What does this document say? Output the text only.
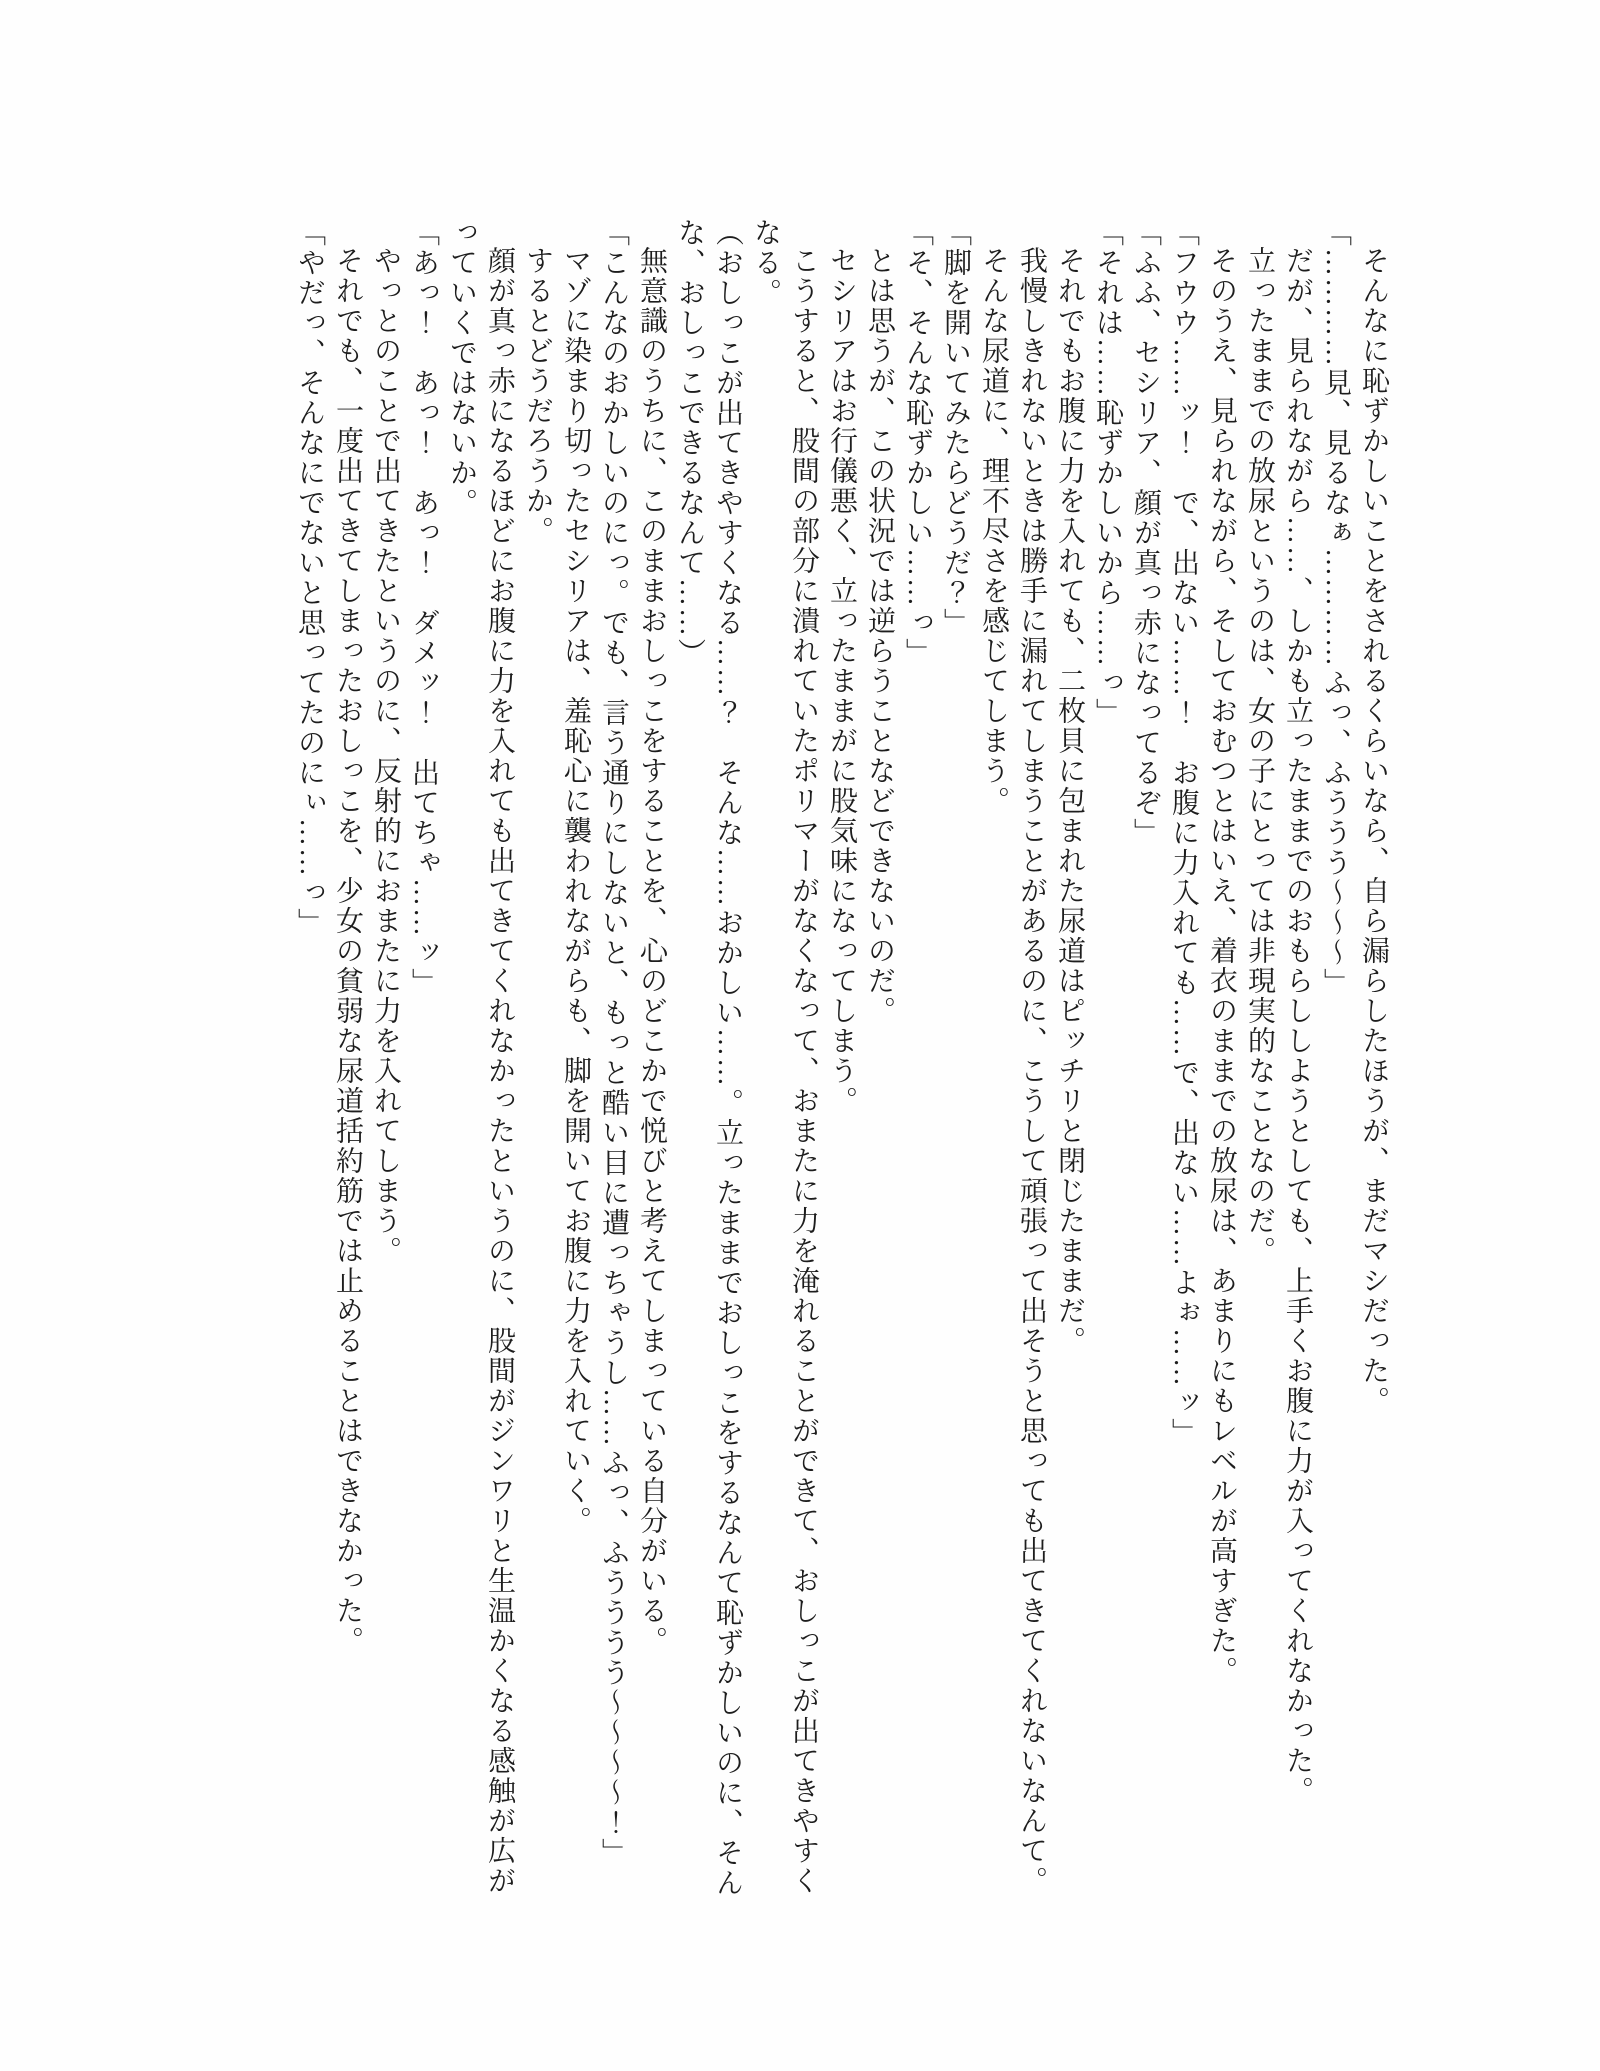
そんなに恥ずかしいことをされるくらいなら、自ら漏らしたほうが、まだマシだった。

「…………見、見るなぁ…………ふっ、ふううう〜〜〜」

だが、見られながら……、しかも立ったままでのおもらししようとしても、上手くお腹に力が入ってくれなかった。

立ったままでの放尿というのは、女の子にとっては非現実的なことなのだ。

そのうえ、見られながら、そしておむつとはいえ、着衣のままでの放尿は、あまりにもレベルが高すぎた。

「フウウ……ッ！　で、出ない……！　お腹に力入れても……で、出ない……よぉ……ッ」

「ふふ、セシリア、顔が真っ赤になってるぞ」

「それは……恥ずかしいから……っ」

それでもお腹に力を入れても、二枚貝に包まれた尿道はピッチリと閉じたままだ。

我慢しきれないときは勝手に漏れてしまうことがあるのに、こうして頑張って出そうと思っても出てきてくれないなんて。

そんな尿道に、理不尽さを感じてしまう。

「脚を開いてみたらどうだ？」

「そ、そんな恥ずかしい……っ」

とは思うが、この状況では逆らうことなどできないのだ。

セシリアはお行儀悪く、立ったままがに股気味になってしまう。

こうすると、股間の部分に潰れていたポリマーがなくなって、おまたに力を淹れることができて、おしっこが出てきやすくなる。

（おしっこが出てきやすくなる……？　そんな……おかしい……。立ったままでおしっこをするなんて恥ずかしいのに、そんな、おしっこできるなんて……）

無意識のうちに、このままおしっこをすることを、心のどこかで悦びと考えてしまっている自分がいる。

「こんなのおかしいのにっ。でも、言う通りにしないと、もっと酷い目に遭っちゃうし……ふっ、ふうううう〜〜〜〜！」

マゾに染まり切ったセシリアは、羞恥心に襲われながらも、脚を開いてお腹に力を入れていく。

するとどうだろうか。

顔が真っ赤になるほどにお腹に力を入れても出てきてくれなかったというのに、股間がジンワリと生温かくなる感触が広がっていくではないか。

「あっ！　あっ！　あっ！　ダメッ！　出てちゃ……ッ」

やっとのことで出てきたというのに、反射的におまたに力を入れてしまう。

それでも、一度出てきてしまったおしっこを、少女の貧弱な尿道括約筋では止めることはできなかった。

「やだっ、そんなにでないと思ってたのにぃ……っ」
